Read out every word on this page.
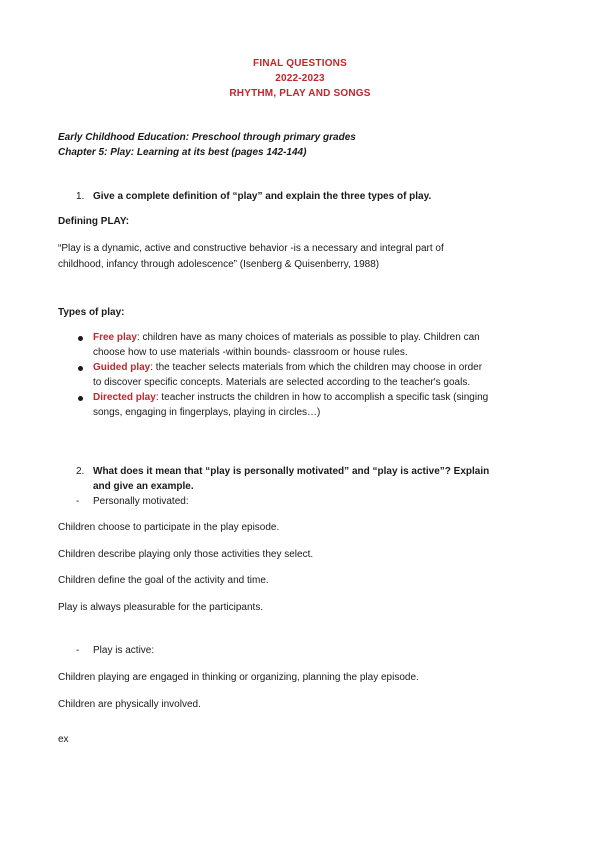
FINAL QUESTIONS
2022-2023
RHYTHM, PLAY AND SONGS
Early Childhood Education: Preschool through primary grades
Chapter 5: Play: Learning at its best (pages 142-144)
1. Give a complete definition of “play” and explain the three types of play.
Defining PLAY:
“Play is a dynamic, active and constructive behavior -is a necessary and integral part of
childhood, infancy through adolescence” (Isenberg & Quisenberry, 1988)
Types of play:
Free play: children have as many choices of materials as possible to play. Children can
choose how to use materials -within bounds- classroom or house rules.
Guided play: the teacher selects materials from which the children may choose in order
to discover specific concepts. Materials are selected according to the teacher's goals.
Directed play: teacher instructs the children in how to accomplish a specific task (singing
songs, engaging in fingerplays, playing in circles…)
2. What does it mean that “play is personally motivated” and “play is active”? Explain
and give an example.
- Personally motivated:
Children choose to participate in the play episode.
Children describe playing only those activities they select.
Children define the goal of the activity and time.
Play is always pleasurable for the participants.
- Play is active:
Children playing are engaged in thinking or organizing, planning the play episode.
Children are physically involved.
ex
